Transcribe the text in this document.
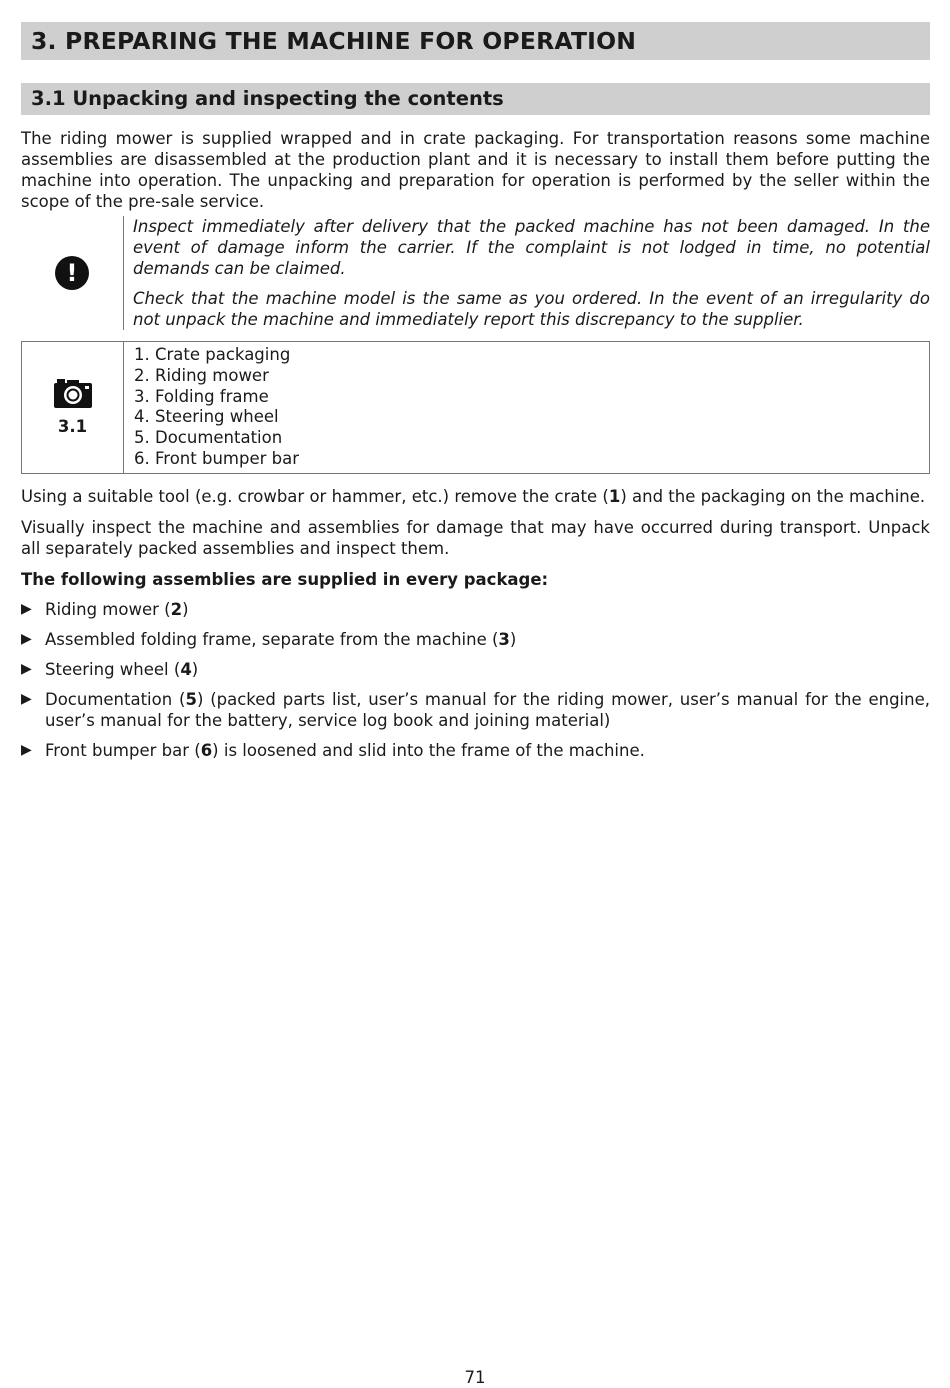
3. PREPARING THE MACHINE FOR OPERATION
3.1 Unpacking and inspecting the contents
The riding mower is supplied wrapped and in crate packaging. For transportation reasons some machine assemblies are disassembled at the production plant and it is necessary to install them before putting the machine into operation. The unpacking and preparation for operation is performed by the seller within the scope of the pre-sale service.
!

Inspect immediately after delivery that the packed machine has not been damaged. In the event of damage inform the carrier. If the complaint is not lodged in time, no potential demands can be claimed.

Check that the machine model is the same as you ordered. In the event of an irregularity do not unpack the machine and immediately report this discrepancy to the supplier.

3.1
1. Crate packaging
2. Riding mower
3. Folding frame
4. Steering wheel
5. Documentation
6. Front bumper bar
Using a suitable tool (e.g. crowbar or hammer, etc.) remove the crate (1) and the packaging on the machine.
Visually inspect the machine and assemblies for damage that may have occurred during transport. Unpack all separately packed assemblies and inspect them.
The following assemblies are supplied in every package:
▶ Riding mower (2)
▶ Assembled folding frame, separate from the machine (3)
▶ Steering wheel (4)
▶ Documentation (5) (packed parts list, user’s manual for the riding mower, user’s manual for the engine, user’s manual for the battery, service log book and joining material)
▶ Front bumper bar (6) is loosened and slid into the frame of the machine.
71
